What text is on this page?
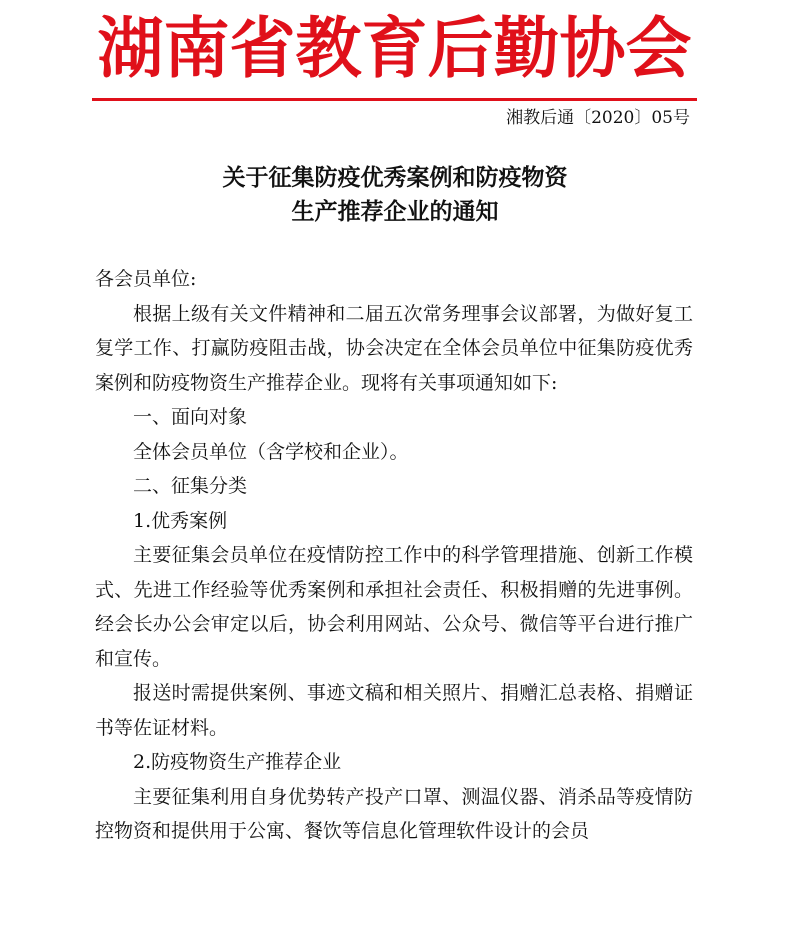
湖南省教育后勤协会
湘教后通〔2020〕05号
关于征集防疫优秀案例和防疫物资
生产推荐企业的通知

各会员单位:

根据上级有关文件精神和二届五次常务理事会议部署，为做好复工复学工作、打赢防疫阻击战，协会决定在全体会员单位中征集防疫优秀案例和防疫物资生产推荐企业。现将有关事项通知如下:

一、面向对象

全体会员单位（含学校和企业）。

二、征集分类

1.优秀案例

主要征集会员单位在疫情防控工作中的科学管理措施、创新工作模式、先进工作经验等优秀案例和承担社会责任、积极捐赠的先进事例。经会长办公会审定以后，协会利用网站、公众号、微信等平台进行推广和宣传。

报送时需提供案例、事迹文稿和相关照片、捐赠汇总表格、捐赠证书等佐证材料。

2.防疫物资生产推荐企业

主要征集利用自身优势转产投产口罩、测温仪器、消杀品等疫情防控物资和提供用于公寓、餐饮等信息化管理软件设计的会员
